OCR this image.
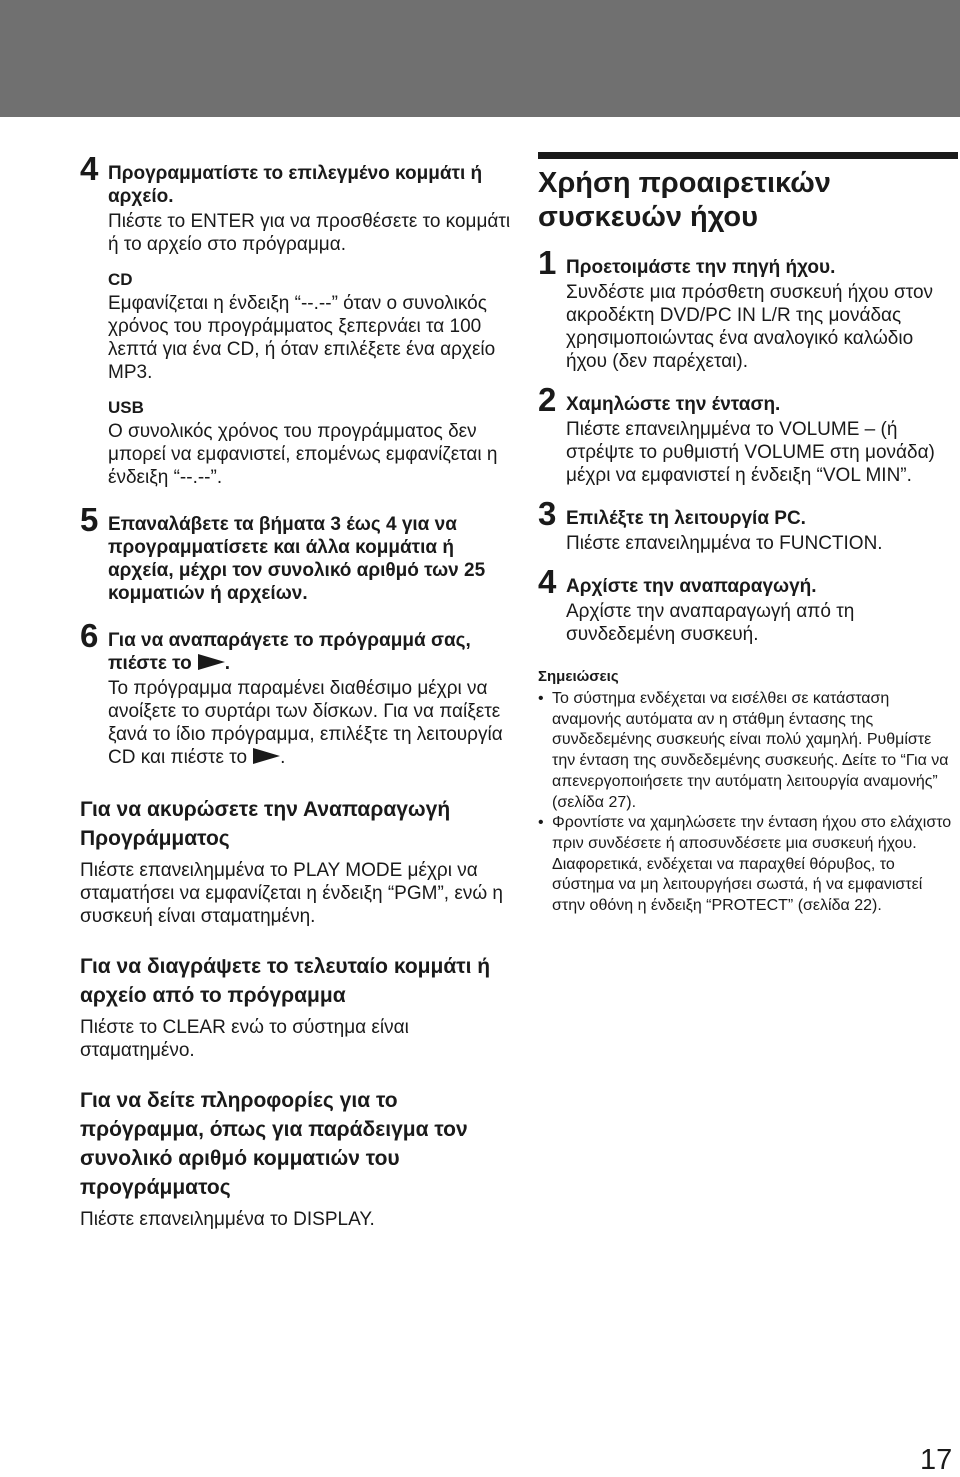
4 Προγραμματίστε το επιλεγμένο κομμάτι ή αρχείο.
Πιέστε το ENTER για να προσθέσετε το κομμάτι ή το αρχείο στο πρόγραμμα.
CD
Εμφανίζεται η ένδειξη “--.--” όταν ο συνολικός χρόνος του προγράμματος ξεπερνάει τα 100 λεπτά για ένα CD, ή όταν επιλέξετε ένα αρχείο MP3.
USB
Ο συνολικός χρόνος του προγράμματος δεν μπορεί να εμφανιστεί, επομένως εμφανίζεται η ένδειξη “--.--”.
5 Επαναλάβετε τα βήματα 3 έως 4 για να προγραμματίσετε και άλλα κομμάτια ή αρχεία, μέχρι τον συνολικό αριθμό των 25 κομματιών ή αρχείων.
6 Για να αναπαράγετε το πρόγραμμά σας, πιέστε το .
Το πρόγραμμα παραμένει διαθέσιμο μέχρι να ανοίξετε το συρτάρι των δίσκων. Για να παίξετε ξανά το ίδιο πρόγραμμα, επιλέξτε τη λειτουργία CD και πιέστε το .
Για να ακυρώσετε την Αναπαραγωγή Προγράμματος
Πιέστε επανειλημμένα το PLAY MODE μέχρι να σταματήσει να εμφανίζεται η ένδειξη “PGM”, ενώ η συσκευή είναι σταματημένη.
Για να διαγράψετε το τελευταίο κομμάτι ή αρχείο από το πρόγραμμα
Πιέστε το CLEAR ενώ το σύστημα είναι σταματημένο.
Για να δείτε πληροφορίες για το πρόγραμμα, όπως για παράδειγμα τον συνολικό αριθμό κομματιών του προγράμματος
Πιέστε επανειλημμένα το DISPLAY.
Χρήση προαιρετικών συσκευών ήχου
1 Προετοιμάστε την πηγή ήχου.
Συνδέστε μια πρόσθετη συσκευή ήχου στον ακροδέκτη DVD/PC IN L/R της μονάδας χρησιμοποιώντας ένα αναλογικό καλώδιο ήχου (δεν παρέχεται).
2 Χαμηλώστε την ένταση.
Πιέστε επανειλημμένα το VOLUME – (ή στρέψτε το ρυθμιστή VOLUME στη μονάδα) μέχρι να εμφανιστεί η ένδειξη “VOL MIN”.
3 Επιλέξτε τη λειτουργία PC.
Πιέστε επανειλημμένα το FUNCTION.
4 Αρχίστε την αναπαραγωγή.
Αρχίστε την αναπαραγωγή από τη συνδεδεμένη συσκευή.
Σημειώσεις
• Το σύστημα ενδέχεται να εισέλθει σε κατάσταση αναμονής αυτόματα αν η στάθμη έντασης της συνδεδεμένης συσκευής είναι πολύ χαμηλή. Ρυθμίστε την ένταση της συνδεδεμένης συσκευής. Δείτε το “Για να απενεργοποιήσετε την αυτόματη λειτουργία αναμονής” (σελίδα 27).
• Φροντίστε να χαμηλώσετε την ένταση ήχου στο ελάχιστο πριν συνδέσετε ή αποσυνδέσετε μια συσκευή ήχου.
Διαφορετικά, ενδέχεται να παραχθεί θόρυβος, το σύστημα να μη λειτουργήσει σωστά, ή να εμφανιστεί στην οθόνη η ένδειξη “PROTECT” (σελίδα 22).
17
